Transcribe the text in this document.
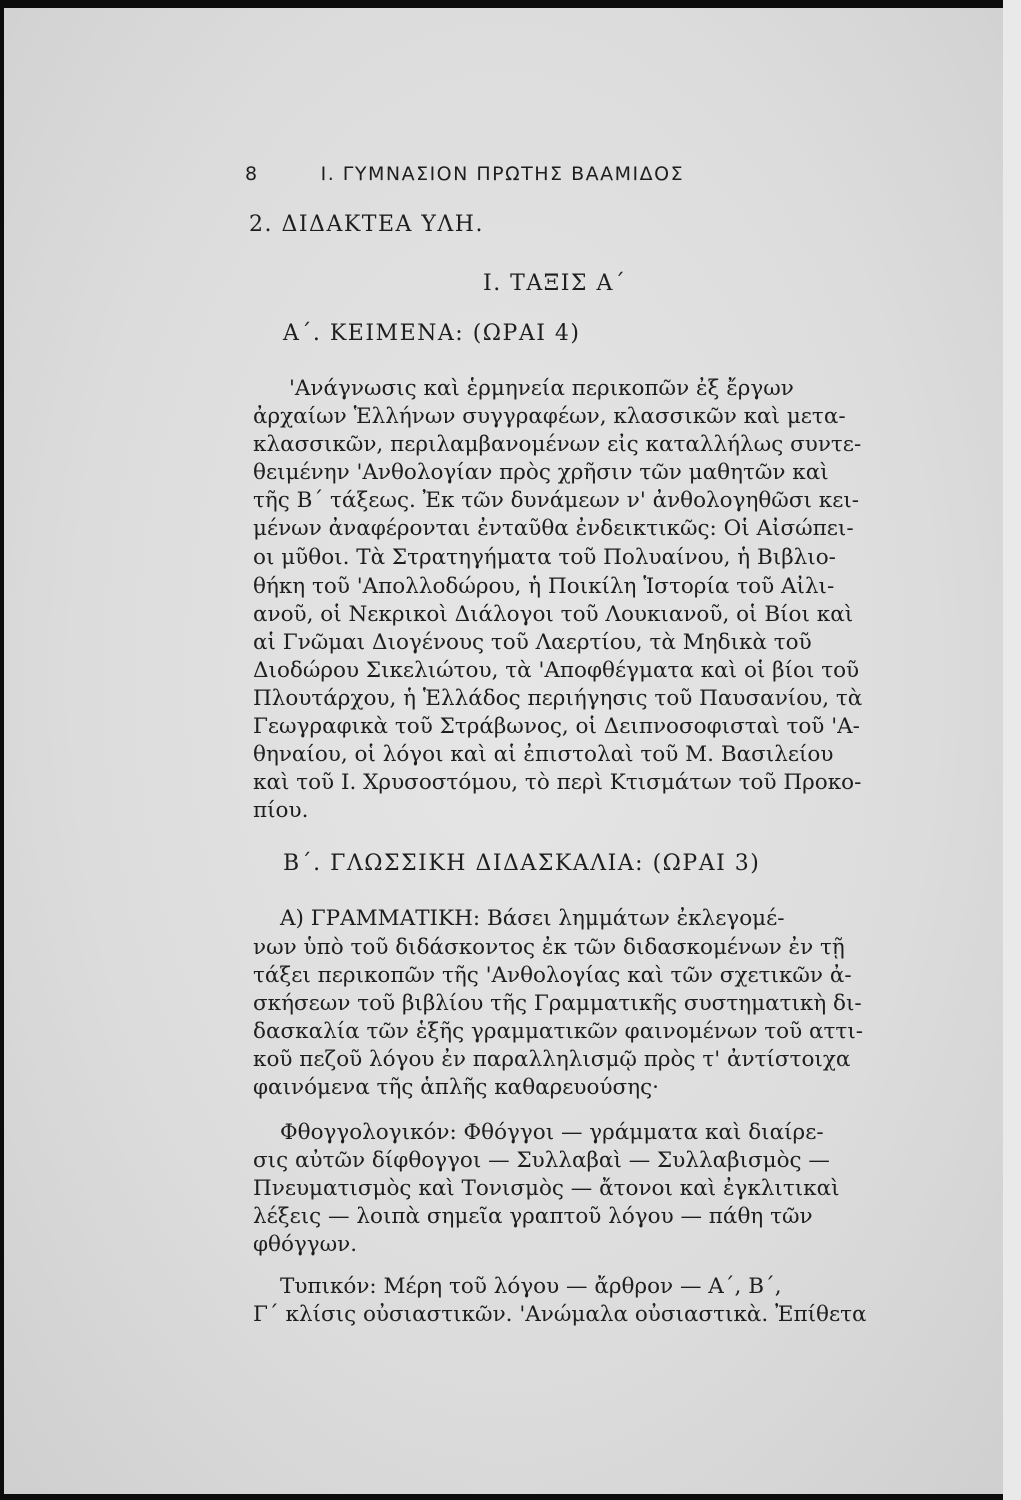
8	Ι. ΓΥΜΝΑΣΙΟΝ ΠΡΩΤΗΣ ΒΑΑΜΙΔΟΣ
2. ΔΙΔΑΚΤΕΑ ΥΛΗ.
Ι. ΤΑΞΙΣ Α΄
Α΄. ΚΕΙΜΕΝΑ: (ΩΡΑΙ 4)
'Ανάγνωσις καὶ ἑρμηνεία περικοπῶν ἐξ ἔργων
ἀρχαίων Ἑλλήνων συγγραφέων, κλασσικῶν καὶ μετα-
κλασσικῶν, περιλαμβανομένων εἰς καταλλήλως συντε-
θειμένην 'Ανθολογίαν πρὸς χρῆσιν τῶν μαθητῶν καὶ
τῆς Β΄ τάξεως. Ἐκ τῶν δυνάμεων ν' ἀνθολογηθῶσι κει-
μένων ἀναφέρονται ἐνταῦθα ἐνδεικτικῶς: Οἱ Αἰσώπει-
οι μῦθοι. Τὰ Στρατηγήματα τοῦ Πολυαίνου, ἡ Βιβλιο-
θήκη τοῦ 'Απολλοδώρου, ἡ Ποικίλη Ἱστορία τοῦ Αἰλι-
ανοῦ, οἱ Νεκρικοὶ Διάλογοι τοῦ Λουκιανοῦ, οἱ Βίοι καὶ
αἱ Γνῶμαι Διογένους τοῦ Λαερτίου, τὰ Μηδικὰ τοῦ
Διοδώρου Σικελιώτου, τὰ 'Αποφθέγματα καὶ οἱ βίοι τοῦ
Πλουτάρχου, ἡ Ἑλλάδος περιήγησις τοῦ Παυσανίου, τὰ
Γεωγραφικὰ τοῦ Στράβωνος, οἱ Δειπνοσοφισταὶ τοῦ 'Α-
θηναίου, οἱ λόγοι καὶ αἱ ἐπιστολαὶ τοῦ Μ. Βασιλείου
καὶ τοῦ Ι. Χρυσοστόμου, τὸ περὶ Κτισμάτων τοῦ Προκο-
πίου.
Β΄. ΓΛΩΣΣΙΚΗ ΔΙΔΑΣΚΑΛΙΑ: (ΩΡΑΙ 3)
Α) ΓΡΑΜΜΑΤΙΚΗ: Βάσει λημμάτων ἐκλεγομέ-
νων ὑπὸ τοῦ διδάσκοντος ἐκ τῶν διδασκομένων ἐν τῇ
τάξει περικοπῶν τῆς 'Ανθολογίας καὶ τῶν σχετικῶν ἀ-
σκήσεων τοῦ βιβλίου τῆς Γραμματικῆς συστηματικὴ δι-
δασκαλία τῶν ἑξῆς γραμματικῶν φαινομένων τοῦ αττι-
κοῦ πεζοῦ λόγου ἐν παραλληλισμῷ πρὸς τ' ἀντίστοιχα
φαινόμενα τῆς ἁπλῆς καθαρευούσης·
Φθογγολογικόν: Φθόγγοι — γράμματα καὶ διαίρε-
σις αὐτῶν δίφθογγοι — Συλλαβαὶ — Συλλαβισμὸς —
Πνευματισμὸς καὶ Τονισμὸς — ἄτονοι καὶ ἐγκλιτικαὶ
λέξεις — λοιπὰ σημεῖα γραπτοῦ λόγου — πάθη τῶν
φθόγγων.
Τυπικόν: Μέρη τοῦ λόγου — ἄρθρον — Α΄, Β΄,
Γ΄ κλίσις οὐσιαστικῶν. 'Ανώμαλα οὐσιαστικὰ. Ἐπίθετα
